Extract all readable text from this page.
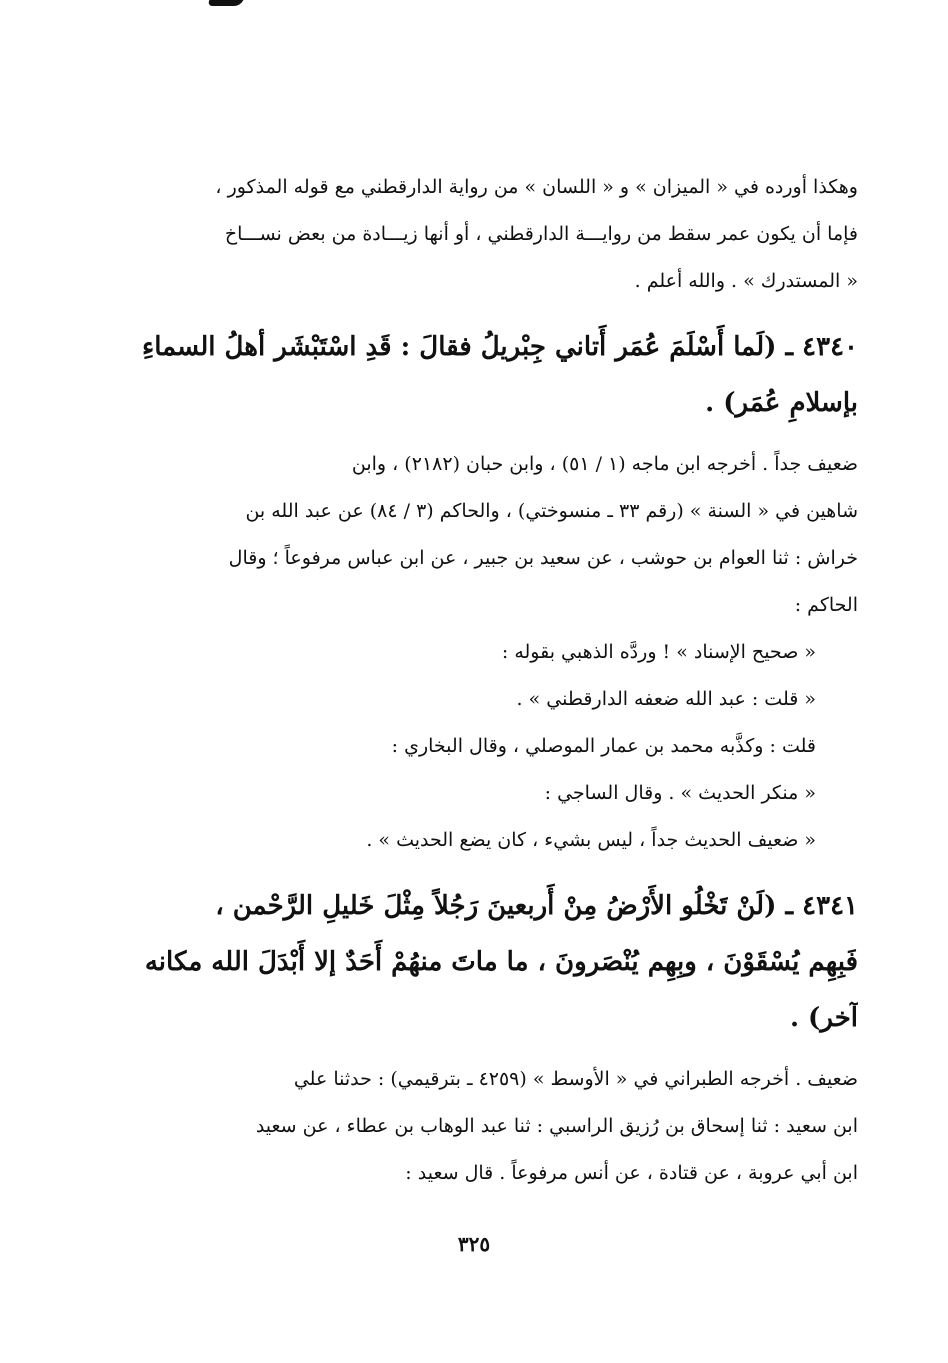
وهكذا أورده في « الميزان » و « اللسان » من رواية الدارقطني مع قوله المذكور ،
فإما أن يكون عمر سقط من روايـــة الدارقطني ، أو أنها زيـــادة من بعض نســـاخ
« المستدرك » . والله أعلم .
٤٣٤٠ ـ (لَما أَسْلَمَ عُمَر أَتاني جِبْريلُ فقالَ : قَدِ اسْتَبْشَر أهلُ السماءِ
بإسلامِ عُمَر) .
ضعيف جداً . أخرجه ابن ماجه (١ / ٥١) ، وابن حبان (٢١٨٢) ، وابن
شاهين في « السنة » (رقم ٣٣ ـ منسوختي) ، والحاكم (٣ / ٨٤) عن عبد الله بن
خراش : ثنا العوام بن حوشب ، عن سعيد بن جبير ، عن ابن عباس مرفوعاً ؛ وقال
الحاكم :
« صحيح الإسناد » ! وردَّه الذهبي بقوله :
« قلت : عبد الله ضعفه الدارقطني » .
قلت : وكذَّبه محمد بن عمار الموصلي ، وقال البخاري :
« منكر الحديث » . وقال الساجي :
« ضعيف الحديث جداً ، ليس بشيء ، كان يضع الحديث » .
٤٣٤١ ـ (لَنْ تَخْلُو الأَرْضُ مِنْ أَربعينَ رَجُلاً مِثْلَ خَليلِ الرَّحْمن ،
فَبِهِم يُسْقَوْنَ ، وبِهِم يُنْصَرونَ ، ما ماتَ منهُمْ أَحَدٌ إلا أَبْدَلَ الله مكانه
آخر) .
ضعيف . أخرجه الطبراني في « الأوسط » (٤٢٥٩ ـ بترقيمي) : حدثنا علي
ابن سعيد : ثنا إسحاق بن رُزيق الراسبي : ثنا عبد الوهاب بن عطاء ، عن سعيد
ابن أبي عروبة ، عن قتادة ، عن أنس مرفوعاً . قال سعيد :
٣٢٥
